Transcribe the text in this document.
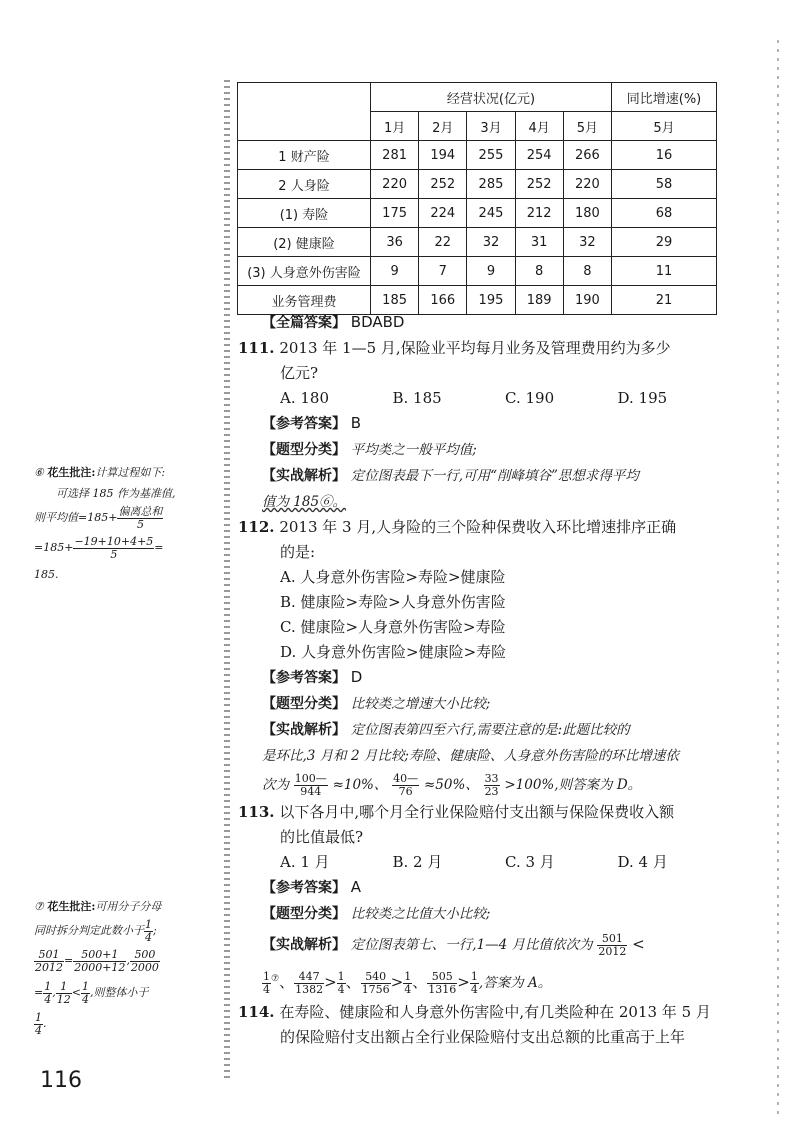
	经营状况(亿元)					同比增速(%)
	1月	2月	3月	4月	5月	5月
1 财产险	281	194	255	254	266	16
2 人身险	220	252	285	252	220	58
(1) 寿险	175	224	245	212	180	68
(2) 健康险	36	22	32	31	32	29
(3) 人身意外伤害险	9	7	9	8	8	11
业务管理费	185	166	195	189	190	21
【全篇答案】 BDABD
111. 2013 年 1—5 月,保险业平均每月业务及管理费用约为多少
亿元?
A. 180	B. 185	C. 190	D. 195
【参考答案】 B
【题型分类】 平均类之一般平均值;
【实战解析】 定位图表最下一行,可用“削峰填谷”思想求得平均
值为 185⑥。
112. 2013 年 3 月,人身险的三个险种保费收入环比增速排序正确
的是:
A. 人身意外伤害险>寿险>健康险
B. 健康险>寿险>人身意外伤害险
C. 健康险>人身意外伤害险>寿险
D. 人身意外伤害险>健康险>寿险
【参考答案】 D
【题型分类】 比较类之增速大小比较;
【实战解析】 定位图表第四至六行,需要注意的是:此题比较的
是环比,3 月和 2 月比较;寿险、健康险、人身意外伤害险的环比增速依
次为 $\frac{100—}{944} \approx 10\%$、 $\frac{40—}{76} \approx 50\%$、 $\frac{33}{23} >100\%$,则答案为 D。
113. 以下各月中,哪个月全行业保险赔付支出额与保险保费收入额
的比值最低?
A. 1 月	B. 2 月	C. 3 月	D. 4 月
【参考答案】 A
【题型分类】 比较类之比值大小比较;
【实战解析】 定位图表第七、一行,1—4 月比值依次为 $\frac{501}{2012}$ <
$\frac{1}{4} ^⑦$、 $\frac{447}{1382} > \frac{1}{4}$ 、 $\frac{540}{1756} > \frac{1}{4}$ 、 $\frac{505}{1316} > \frac{1}{4}$ ,答案为 A。
114. 在寿险、健康险和人身意外伤害险中,有几类险种在 2013 年 5 月
的保险赔付支出额占全行业保险赔付支出总额的比重高于上年
⑥ 花生批注:计算过程如下:
可选择 185 作为基准值,
则平均值$=185+ \frac{\text{偏离总和}}{5}$
$=185+ \frac{-19+10+4+5}{5}$ =
185.
⑦ 花生批注:可用分子分母
同时拆分判定此数小于 $\frac{1}{4}$ ;
$\frac{501}{2012} = \frac{500+1}{2000+12}$ , $\frac{500}{2000}$
= $\frac{1}{4}$ , $\frac{1}{12} < \frac{1}{4}$ ,则整体小于
$\frac{1}{4}$ .
116
